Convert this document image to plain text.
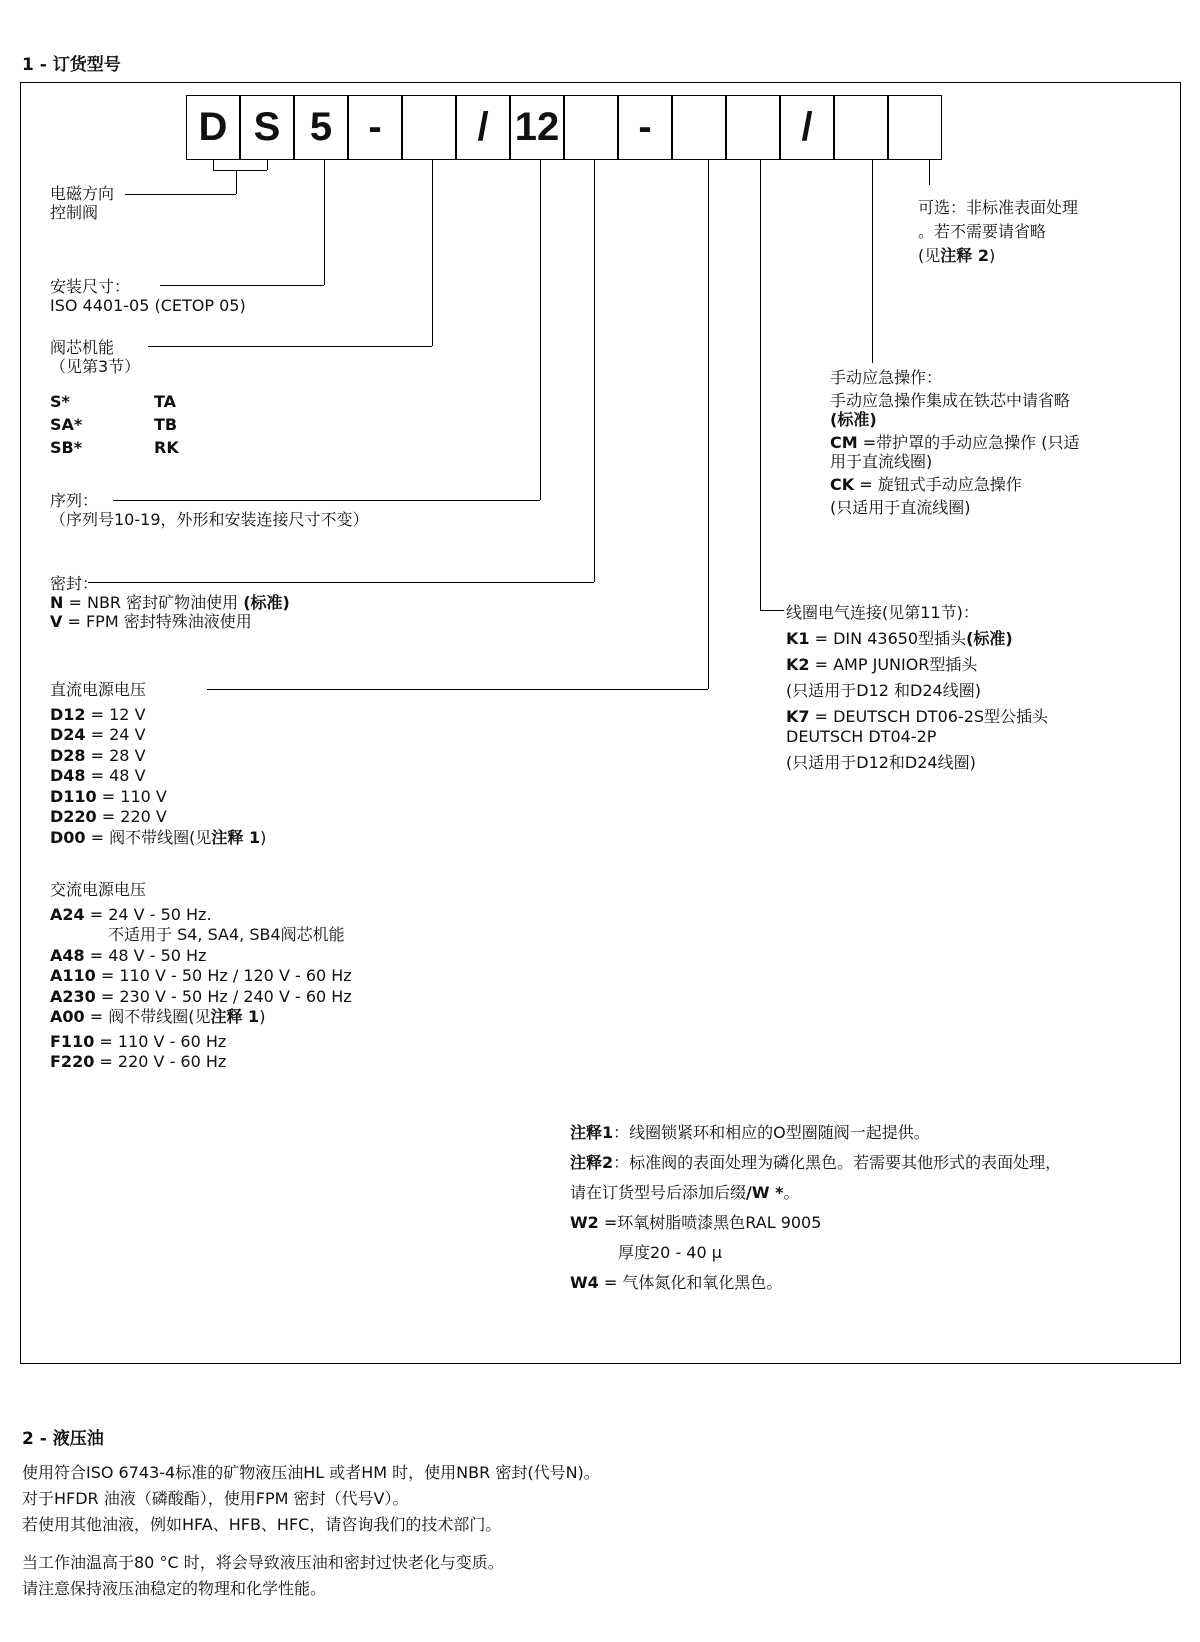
1 - 订货型号
D S 5 -	/ 12	-	/
电磁方向
控制阀
安装尺寸：
ISO 4401-05 (CETOP 05)
阀芯机能
（见第3节）
S*	TA
SA*	TB
SB*	RK
序列：
（序列号10-19，外形和安装连接尺寸不变）
密封：
N = NBR 密封矿物油使用 (标准)
V = FPM 密封特殊油液使用
直流电源电压
D12 = 12 V
D24 = 24 V
D28 = 28 V
D48 = 48 V
D110 = 110 V
D220 = 220 V
D00 = 阀不带线圈(见注释 1)
交流电源电压
A24 = 24 V - 50 Hz.
不适用于 S4, SA4, SB4阀芯机能
A48 = 48 V - 50 Hz
A110 = 110 V - 50 Hz / 120 V - 60 Hz
A230 = 230 V - 50 Hz / 240 V - 60 Hz
A00 = 阀不带线圈(见注释 1)
F110 = 110 V - 60 Hz
F220 = 220 V - 60 Hz
可选：非标准表面处理
。若不需要请省略
(见注释 2)
手动应急操作：
手动应急操作集成在铁芯中请省略
(标准)
CM =带护罩的手动应急操作 (只适
用于直流线圈)
CK = 旋钮式手动应急操作
(只适用于直流线圈)
线圈电气连接(见第11节)：
K1 = DIN 43650型插头(标准)
K2 = AMP JUNIOR型插头
(只适用于D12 和D24线圈)
K7 = DEUTSCH DT06-2S型公插头
DEUTSCH DT04-2P
(只适用于D12和D24线圈)
注释1：线圈锁紧环和相应的O型圈随阀一起提供。
注释2：标准阀的表面处理为磷化黑色。若需要其他形式的表面处理，
请在订货型号后添加后缀/W *。
W2 =环氧树脂喷漆黑色RAL 9005
厚度20 - 40 µ
W4 = 气体氮化和氧化黑色。
2 - 液压油
使用符合ISO 6743-4标准的矿物液压油HL 或者HM 时，使用NBR 密封(代号N)。
对于HFDR 油液（磷酸酯），使用FPM 密封（代号V）。
若使用其他油液，例如HFA、HFB、HFC，请咨询我们的技术部门。
当工作油温高于80 °C 时，将会导致液压油和密封过快老化与变质。
请注意保持液压油稳定的物理和化学性能。
